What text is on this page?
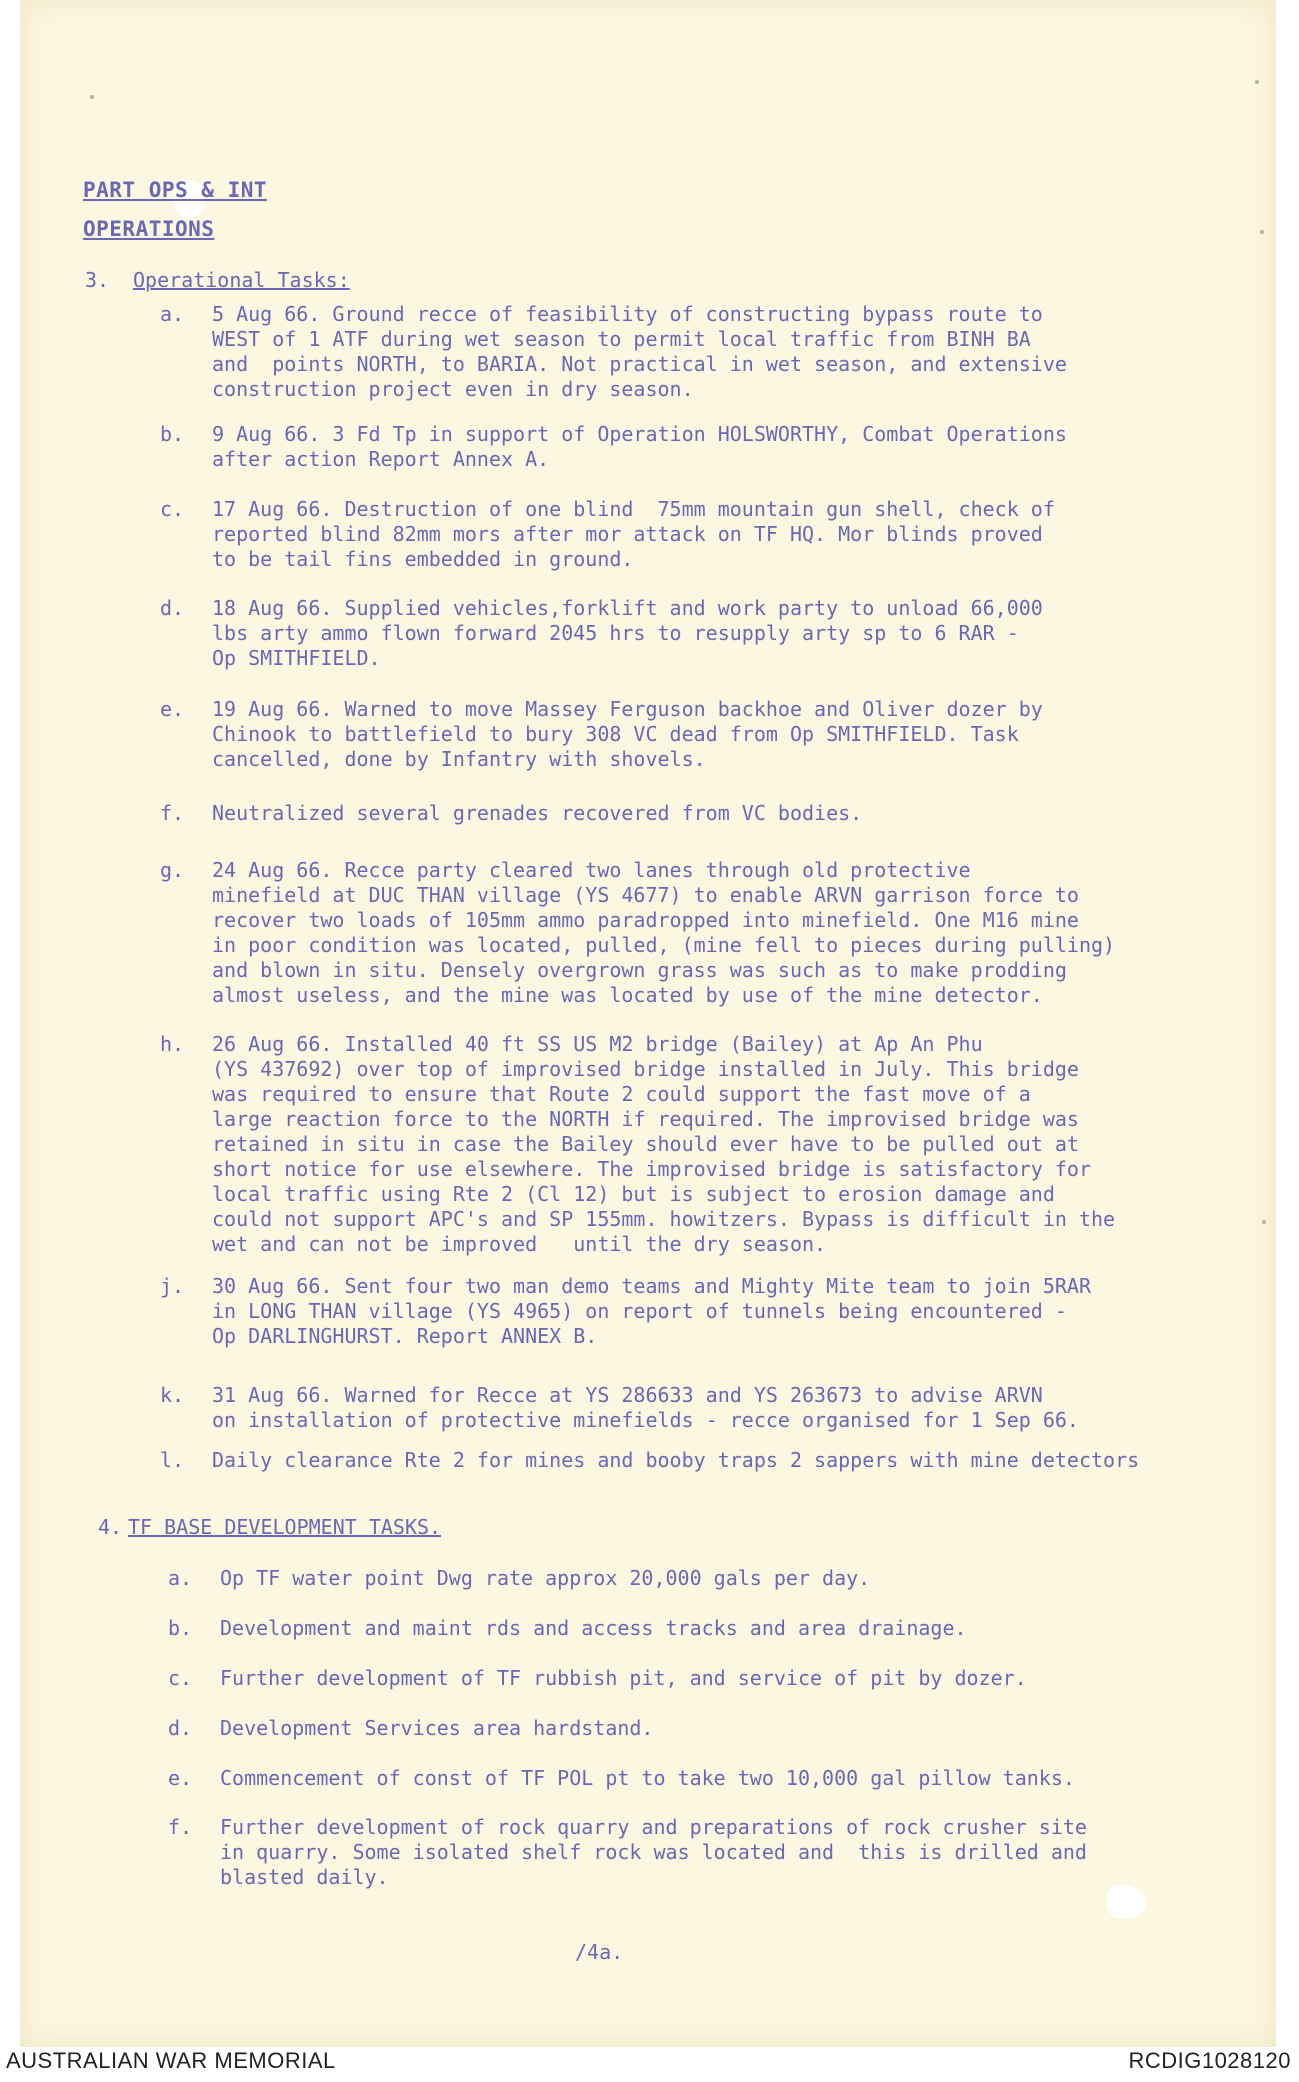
PART OPS & INT
OPERATIONS
3. Operational Tasks:
a. 5 Aug 66. Ground recce of feasibility of constructing bypass route to
WEST of 1 ATF during wet season to permit local traffic from BINH BA
and  points NORTH, to BARIA. Not practical in wet season, and extensive
construction project even in dry season.
b. 9 Aug 66. 3 Fd Tp in support of Operation HOLSWORTHY, Combat Operations
after action Report Annex A.
c. 17 Aug 66. Destruction of one blind  75mm mountain gun shell, check of
reported blind 82mm mors after mor attack on TF HQ. Mor blinds proved
to be tail fins embedded in ground.
d. 18 Aug 66. Supplied vehicles,forklift and work party to unload 66,000
lbs arty ammo flown forward 2045 hrs to resupply arty sp to 6 RAR -
Op SMITHFIELD.
e. 19 Aug 66. Warned to move Massey Ferguson backhoe and Oliver dozer by
Chinook to battlefield to bury 308 VC dead from Op SMITHFIELD. Task
cancelled, done by Infantry with shovels.
f. Neutralized several grenades recovered from VC bodies.
g. 24 Aug 66. Recce party cleared two lanes through old protective
minefield at DUC THAN village (YS 4677) to enable ARVN garrison force to
recover two loads of 105mm ammo paradropped into minefield. One M16 mine
in poor condition was located, pulled, (mine fell to pieces during pulling)
and blown in situ. Densely overgrown grass was such as to make prodding
almost useless, and the mine was located by use of the mine detector.
h. 26 Aug 66. Installed 40 ft SS US M2 bridge (Bailey) at Ap An Phu
(YS 437692) over top of improvised bridge installed in July. This bridge
was required to ensure that Route 2 could support the fast move of a
large reaction force to the NORTH if required. The improvised bridge was
retained in situ in case the Bailey should ever have to be pulled out at
short notice for use elsewhere. The improvised bridge is satisfactory for
local traffic using Rte 2 (Cl 12) but is subject to erosion damage and
could not support APC's and SP 155mm. howitzers. Bypass is difficult in the
wet and can not be improved   until the dry season.
j. 30 Aug 66. Sent four two man demo teams and Mighty Mite team to join 5RAR
in LONG THAN village (YS 4965) on report of tunnels being encountered -
Op DARLINGHURST. Report ANNEX B.
k. 31 Aug 66. Warned for Recce at YS 286633 and YS 263673 to advise ARVN
on installation of protective minefields - recce organised for 1 Sep 66.
l. Daily clearance Rte 2 for mines and booby traps 2 sappers with mine detectors
4. TF BASE DEVELOPMENT TASKS.
a. Op TF water point Dwg rate approx 20,000 gals per day.
b. Development and maint rds and access tracks and area drainage.
c. Further development of TF rubbish pit, and service of pit by dozer.
d. Development Services area hardstand.
e. Commencement of const of TF POL pt to take two 10,000 gal pillow tanks.
f. Further development of rock quarry and preparations of rock crusher site
in quarry. Some isolated shelf rock was located and  this is drilled and
blasted daily.
/4a.
AUSTRALIAN WAR MEMORIAL	RCDIG1028120
